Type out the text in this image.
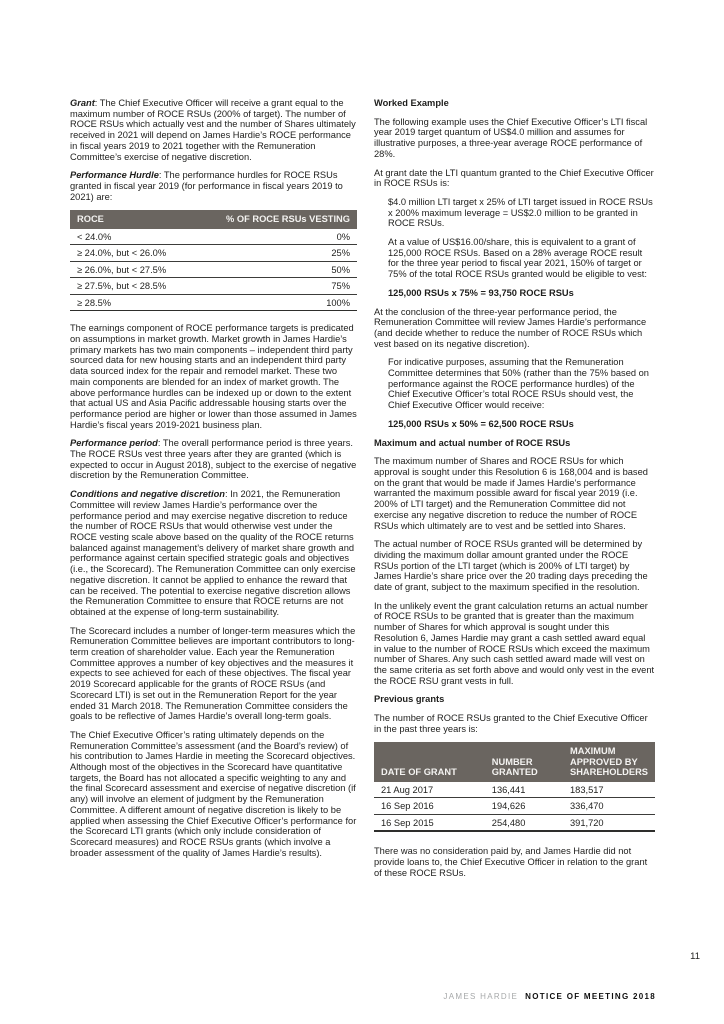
Grant: The Chief Executive Officer will receive a grant equal to the maximum number of ROCE RSUs (200% of target). The number of ROCE RSUs which actually vest and the number of Shares ultimately received in 2021 will depend on James Hardie’s ROCE performance in fiscal years 2019 to 2021 together with the Remuneration Committee’s exercise of negative discretion.

Performance Hurdle: The performance hurdles for ROCE RSUs granted in fiscal year 2019 (for performance in fiscal years 2019 to 2021) are:

ROCE	% OF ROCE RSUs VESTING
< 24.0%	0%
≥ 24.0%, but < 26.0%	25%
≥ 26.0%, but < 27.5%	50%
≥ 27.5%, but < 28.5%	75%
≥ 28.5%	100%

The earnings component of ROCE performance targets is predicated on assumptions in market growth. Market growth in James Hardie’s primary markets has two main components – independent third party sourced data for new housing starts and an independent third party data sourced index for the repair and remodel market. These two main components are blended for an index of market growth. The above performance hurdles can be indexed up or down to the extent that actual US and Asia Pacific addressable housing starts over the performance period are higher or lower than those assumed in James Hardie’s fiscal years 2019-2021 business plan.

Performance period: The overall performance period is three years. The ROCE RSUs vest three years after they are granted (which is expected to occur in August 2018), subject to the exercise of negative discretion by the Remuneration Committee.

Conditions and negative discretion: In 2021, the Remuneration Committee will review James Hardie’s performance over the performance period and may exercise negative discretion to reduce the number of ROCE RSUs that would otherwise vest under the ROCE vesting scale above based on the quality of the ROCE returns balanced against management’s delivery of market share growth and performance against certain specified strategic goals and objectives (i.e., the Scorecard). The Remuneration Committee can only exercise negative discretion. It cannot be applied to enhance the reward that can be received. The potential to exercise negative discretion allows the Remuneration Committee to ensure that ROCE returns are not obtained at the expense of long-term sustainability.

The Scorecard includes a number of longer-term measures which the Remuneration Committee believes are important contributors to long-term creation of shareholder value. Each year the Remuneration Committee approves a number of key objectives and the measures it expects to see achieved for each of these objectives. The fiscal year 2019 Scorecard applicable for the grants of ROCE RSUs (and Scorecard LTI) is set out in the Remuneration Report for the year ended 31 March 2018. The Remuneration Committee considers the goals to be reflective of James Hardie’s overall long-term goals.

The Chief Executive Officer’s rating ultimately depends on the Remuneration Committee’s assessment (and the Board’s review) of his contribution to James Hardie in meeting the Scorecard objectives. Although most of the objectives in the Scorecard have quantitative targets, the Board has not allocated a specific weighting to any and the final Scorecard assessment and exercise of negative discretion (if any) will involve an element of judgment by the Remuneration Committee. A different amount of negative discretion is likely to be applied when assessing the Chief Executive Officer’s performance for the Scorecard LTI grants (which only include consideration of Scorecard measures) and ROCE RSUs grants (which involve a broader assessment of the quality of James Hardie’s results).

Worked Example

The following example uses the Chief Executive Officer’s LTI fiscal year 2019 target quantum of US$4.0 million and assumes for illustrative purposes, a three-year average ROCE performance of 28%.

At grant date the LTI quantum granted to the Chief Executive Officer in ROCE RSUs is:

$4.0 million LTI target x 25% of LTI target issued in ROCE RSUs x 200% maximum leverage = US$2.0 million to be granted in ROCE RSUs.

At a value of US$16.00/share, this is equivalent to a grant of 125,000 ROCE RSUs. Based on a 28% average ROCE result for the three year period to fiscal year 2021, 150% of target or 75% of the total ROCE RSUs granted would be eligible to vest:

125,000 RSUs x 75% = 93,750 ROCE RSUs

At the conclusion of the three-year performance period, the Remuneration Committee will review James Hardie’s performance (and decide whether to reduce the number of ROCE RSUs which vest based on its negative discretion).

For indicative purposes, assuming that the Remuneration Committee determines that 50% (rather than the 75% based on performance against the ROCE performance hurdles) of the Chief Executive Officer’s total ROCE RSUs should vest, the Chief Executive Officer would receive:

125,000 RSUs x 50% = 62,500 ROCE RSUs

Maximum and actual number of ROCE RSUs

The maximum number of Shares and ROCE RSUs for which approval is sought under this Resolution 6 is 168,004 and is based on the grant that would be made if James Hardie’s performance warranted the maximum possible award for fiscal year 2019 (i.e. 200% of LTI target) and the Remuneration Committee did not exercise any negative discretion to reduce the number of ROCE RSUs which ultimately are to vest and be settled into Shares.

The actual number of ROCE RSUs granted will be determined by dividing the maximum dollar amount granted under the ROCE RSUs portion of the LTI target (which is 200% of LTI target) by James Hardie’s share price over the 20 trading days preceding the date of grant, subject to the maximum specified in the resolution.

In the unlikely event the grant calculation returns an actual number of ROCE RSUs to be granted that is greater than the maximum number of Shares for which approval is sought under this Resolution 6, James Hardie may grant a cash settled award equal in value to the number of ROCE RSUs which exceed the maximum number of Shares. Any such cash settled award made will vest on the same criteria as set forth above and would only vest in the event the ROCE RSU grant vests in full.

Previous grants

The number of ROCE RSUs granted to the Chief Executive Officer in the past three years is:

DATE OF GRANT	NUMBER GRANTED	MAXIMUM APPROVED BY SHAREHOLDERS
21 Aug 2017	136,441	183,517
16 Sep 2016	194,626	336,470
16 Sep 2015	254,480	391,720

There was no consideration paid by, and James Hardie did not provide loans to, the Chief Executive Officer in relation to the grant of these ROCE RSUs.

11
JAMES HARDIE NOTICE OF MEETING 2018
